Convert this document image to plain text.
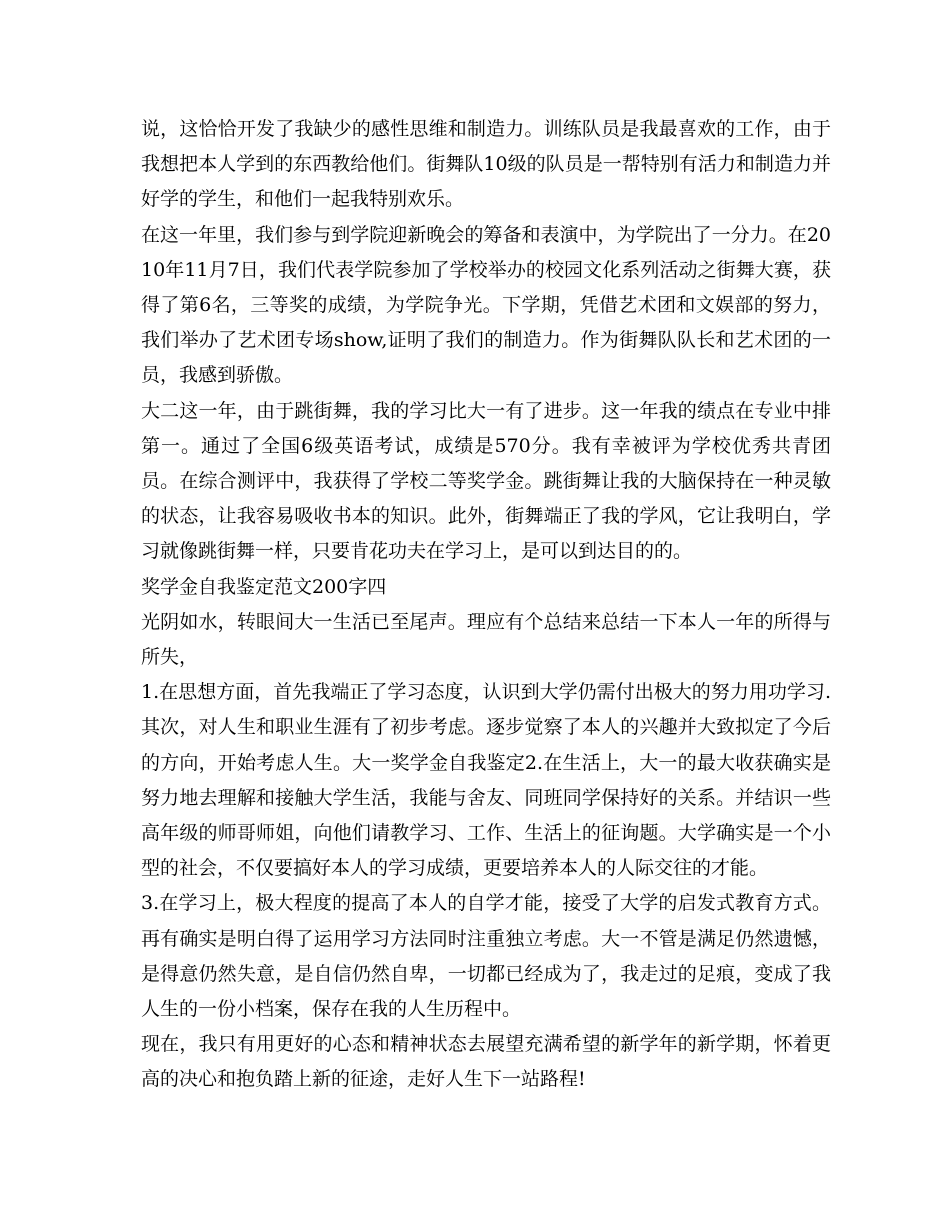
说，这恰恰开发了我缺少的感性思维和制造力。训练队员是我最喜欢的工作，由于我想把本人学到的东西教给他们。街舞队10级的队员是一帮特别有活力和制造力并好学的学生，和他们一起我特别欢乐。

在这一年里，我们参与到学院迎新晚会的筹备和表演中，为学院出了一分力。在2010年11月7日，我们代表学院参加了学校举办的校园文化系列活动之街舞大赛，获得了第6名，三等奖的成绩，为学院争光。下学期，凭借艺术团和文娱部的努力，我们举办了艺术团专场show,证明了我们的制造力。作为街舞队队长和艺术团的一员，我感到骄傲。

大二这一年，由于跳街舞，我的学习比大一有了进步。这一年我的绩点在专业中排第一。通过了全国6级英语考试，成绩是570分。我有幸被评为学校优秀共青团员。在综合测评中，我获得了学校二等奖学金。跳街舞让我的大脑保持在一种灵敏的状态，让我容易吸收书本的知识。此外，街舞端正了我的学风，它让我明白，学习就像跳街舞一样，只要肯花功夫在学习上，是可以到达目的的。

奖学金自我鉴定范文200字四

光阴如水，转眼间大一生活已至尾声。理应有个总结来总结一下本人一年的所得与所失，

1.在思想方面，首先我端正了学习态度，认识到大学仍需付出极大的努力用功学习.其次，对人生和职业生涯有了初步考虑。逐步觉察了本人的兴趣并大致拟定了今后的方向，开始考虑人生。大一奖学金自我鉴定2.在生活上，大一的最大收获确实是努力地去理解和接触大学生活，我能与舍友、同班同学保持好的关系。并结识一些高年级的师哥师姐，向他们请教学习、工作、生活上的征询题。大学确实是一个小型的社会，不仅要搞好本人的学习成绩，更要培养本人的人际交往的才能。

3.在学习上，极大程度的提高了本人的自学才能，接受了大学的启发式教育方式。再有确实是明白得了运用学习方法同时注重独立考虑。大一不管是满足仍然遗憾，是得意仍然失意，是自信仍然自卑，一切都已经成为了，我走过的足痕，变成了我人生的一份小档案，保存在我的人生历程中。

现在，我只有用更好的心态和精神状态去展望充满希望的新学年的新学期，怀着更高的决心和抱负踏上新的征途，走好人生下一站路程!
